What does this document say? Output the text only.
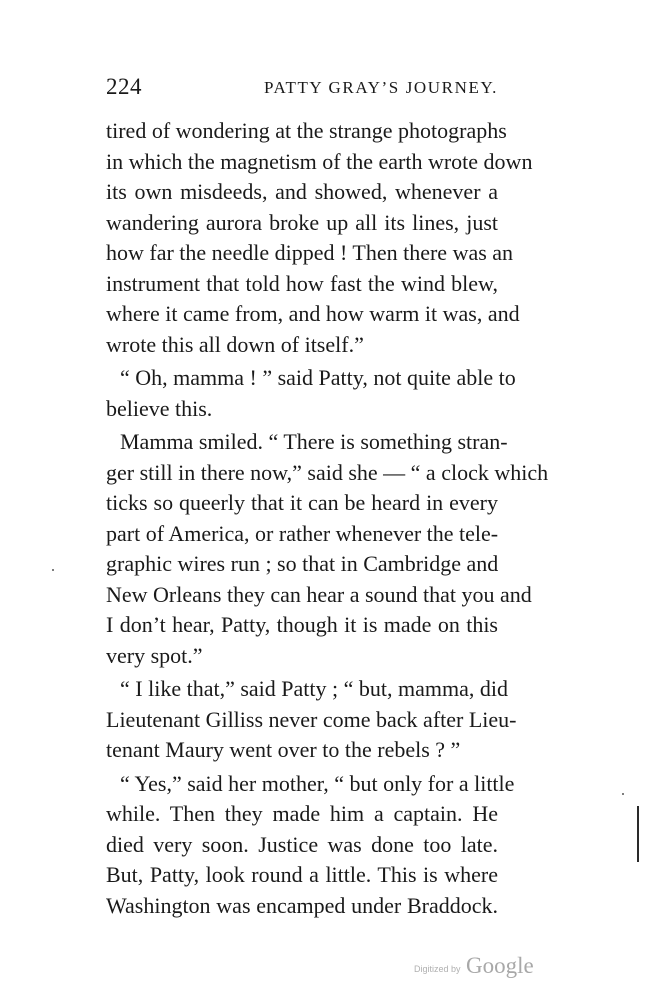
224	PATTY GRAY’S JOURNEY.
tired of wondering at the strange photographs
in which the magnetism of the earth wrote down
its own misdeeds, and showed, whenever a
wandering aurora broke up all its lines, just
how far the needle dipped ! Then there was an
instrument that told how fast the wind blew,
where it came from, and how warm it was, and
wrote this all down of itself.”
“ Oh, mamma ! ” said Patty, not quite able to
believe this.
Mamma smiled. “ There is something stran-
ger still in there now,” said she — “ a clock which
ticks so queerly that it can be heard in every
part of America, or rather whenever the tele-
graphic wires run ; so that in Cambridge and
New Orleans they can hear a sound that you and
I don’t hear, Patty, though it is made on this
very spot.”
“ I like that,” said Patty ; “ but, mamma, did
Lieutenant Gilliss never come back after Lieu-
tenant Maury went over to the rebels ? ”
“ Yes,” said her mother, “ but only for a little
while. Then they made him a captain. He
died very soon. Justice was done too late.
But, Patty, look round a little. This is where
Washington was encamped under Braddock.
Digitized by Google
